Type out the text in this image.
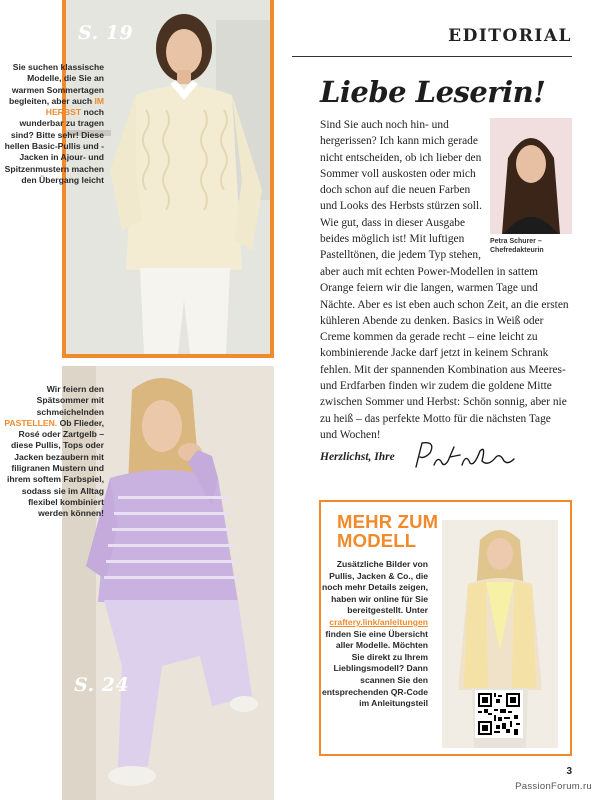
S. 19
Sie suchen klassische Modelle, die Sie an warmen Sommertagen begleiten, aber auch IM HERBST noch wunderbar zu tragen sind? Bitte sehr! Diese hellen Basic-Pullis und -Jacken in Ajour- und Spitzenmustern machen den Übergang leicht
S. 24
Wir feiern den Spätsommer mit schmeichelnden PASTELLEN. Ob Flieder, Rosé oder Zartgelb – diese Pullis, Tops oder Jacken bezaubern mit filigranen Mustern und ihrem softem Farbspiel, sodass sie im Alltag flexibel kombiniert werden können!
EDITORIAL
Liebe Leserin!
Sind Sie auch noch hin- und hergerissen? Ich kann mich gerade nicht entscheiden, ob ich lieber den Sommer voll auskosten oder mich doch schon auf die neuen Farben und Looks des Herbsts stürzen soll. Wie gut, dass in dieser Ausgabe beides möglich ist! Mit luftigen Pastelltönen, die jedem Typ stehen,
Petra Schurer – Chefredakteurin
aber auch mit echten Power-Modellen in sattem Orange feiern wir die langen, warmen Tage und Nächte. Aber es ist eben auch schon Zeit, an die ersten kühleren Abende zu denken. Basics in Weiß oder Creme kommen da gerade recht – eine leicht zu kombinierende Jacke darf jetzt in keinem Schrank fehlen. Mit der spannenden Kombination aus Meeres- und Erdfarben finden wir zudem die goldene Mitte zwischen Sommer und Herbst: Schön sonnig, aber nie zu heiß – das perfekte Motto für die nächsten Tage und Wochen!
Herzlichst, Ihre
MEHR ZUM
MODELL
Zusätzliche Bilder von Pullis, Jacken & Co., die noch mehr Details zeigen, haben wir online für Sie bereitgestellt. Unter craftery.link/anleitungen finden Sie eine Übersicht aller Modelle. Möchten Sie direkt zu Ihrem Lieblingsmodell? Dann scannen Sie den entsprechenden QR-Code im Anleitungsteil
3
PassionForum.ru
